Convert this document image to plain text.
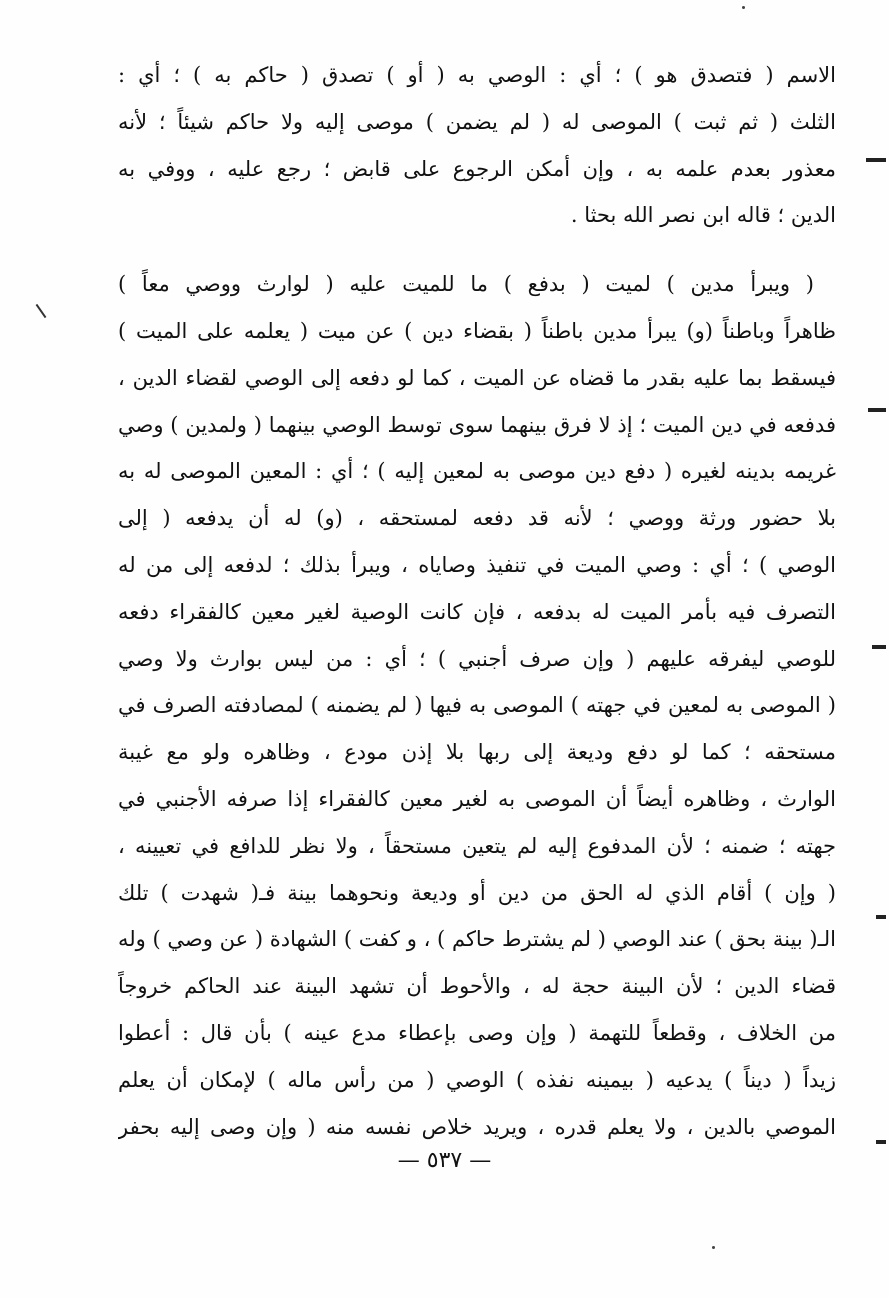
الاسم ( فتصدق هو ) ؛ أي : الوصي به ( أو ) تصدق ( حاكم به ) ؛ أي :
الثلث ( ثم ثبت ) الموصى له ( لم يضمن ) موصى إليه ولا حاكم شيئاً ؛ لأنه
معذور بعدم علمه به ، وإن أمكن الرجوع على قابض ؛ رجع عليه ، ووفي به
الدين ؛ قاله ابن نصر الله بحثا .
( ويبرأ مدين ) لميت ( بدفع ) ما للميت عليه ( لوارث ووصي معاً )
ظاهراً وباطناً (و) يبرأ مدين باطناً ( بقضاء دين ) عن ميت ( يعلمه على الميت )
فيسقط بما عليه بقدر ما قضاه عن الميت ، كما لو دفعه إلى الوصي لقضاء الدين ،
فدفعه في دين الميت ؛ إذ لا فرق بينهما سوى توسط الوصي بينهما ( ولمدين ) وصي
غريمه بدينه لغيره ( دفع دين موصى به لمعين إليه ) ؛ أي : المعين الموصى له به
بلا حضور ورثة ووصي ؛ لأنه قد دفعه لمستحقه ، (و) له أن يدفعه ( إلى
الوصي ) ؛ أي : وصي الميت في تنفيذ وصاياه ، ويبرأ بذلك ؛ لدفعه إلى من له
التصرف فيه بأمر الميت له بدفعه ، فإن كانت الوصية لغير معين كالفقراء دفعه
للوصي ليفرقه عليهم ( وإن صرف أجنبي ) ؛ أي : من ليس بوارث ولا وصي
( الموصى به لمعين في جهته ) الموصى به فيها ( لم يضمنه ) لمصادفته الصرف في
مستحقه ؛ كما لو دفع وديعة إلى ربها بلا إذن مودع ، وظاهره ولو مع غيبة
الوارث ، وظاهره أيضاً أن الموصى به لغير معين كالفقراء إذا صرفه الأجنبي في
جهته ؛ ضمنه ؛ لأن المدفوع إليه لم يتعين مستحقاً ، ولا نظر للدافع في تعيينه ،
( وإن ) أقام الذي له الحق من دين أو وديعة ونحوهما بينة فـ( شهدت ) تلك
الـ( بينة بحق ) عند الوصي ( لم يشترط حاكم ) ، و كفت ) الشهادة ( عن وصي ) وله
قضاء الدين ؛ لأن البينة حجة له ، والأحوط أن تشهد البينة عند الحاكم خروجاً
من الخلاف ، وقطعاً للتهمة ( وإن وصى بإعطاء مدع عينه ) بأن قال : أعطوا
زيداً ( ديناً ) يدعيه ( بيمينه نفذه ) الوصي ( من رأس ماله ) لإمكان أن يعلم
الموصي بالدين ، ولا يعلم قدره ، ويريد خلاص نفسه منه ( وإن وصى إليه بحفر
— ٥٣٧ —
